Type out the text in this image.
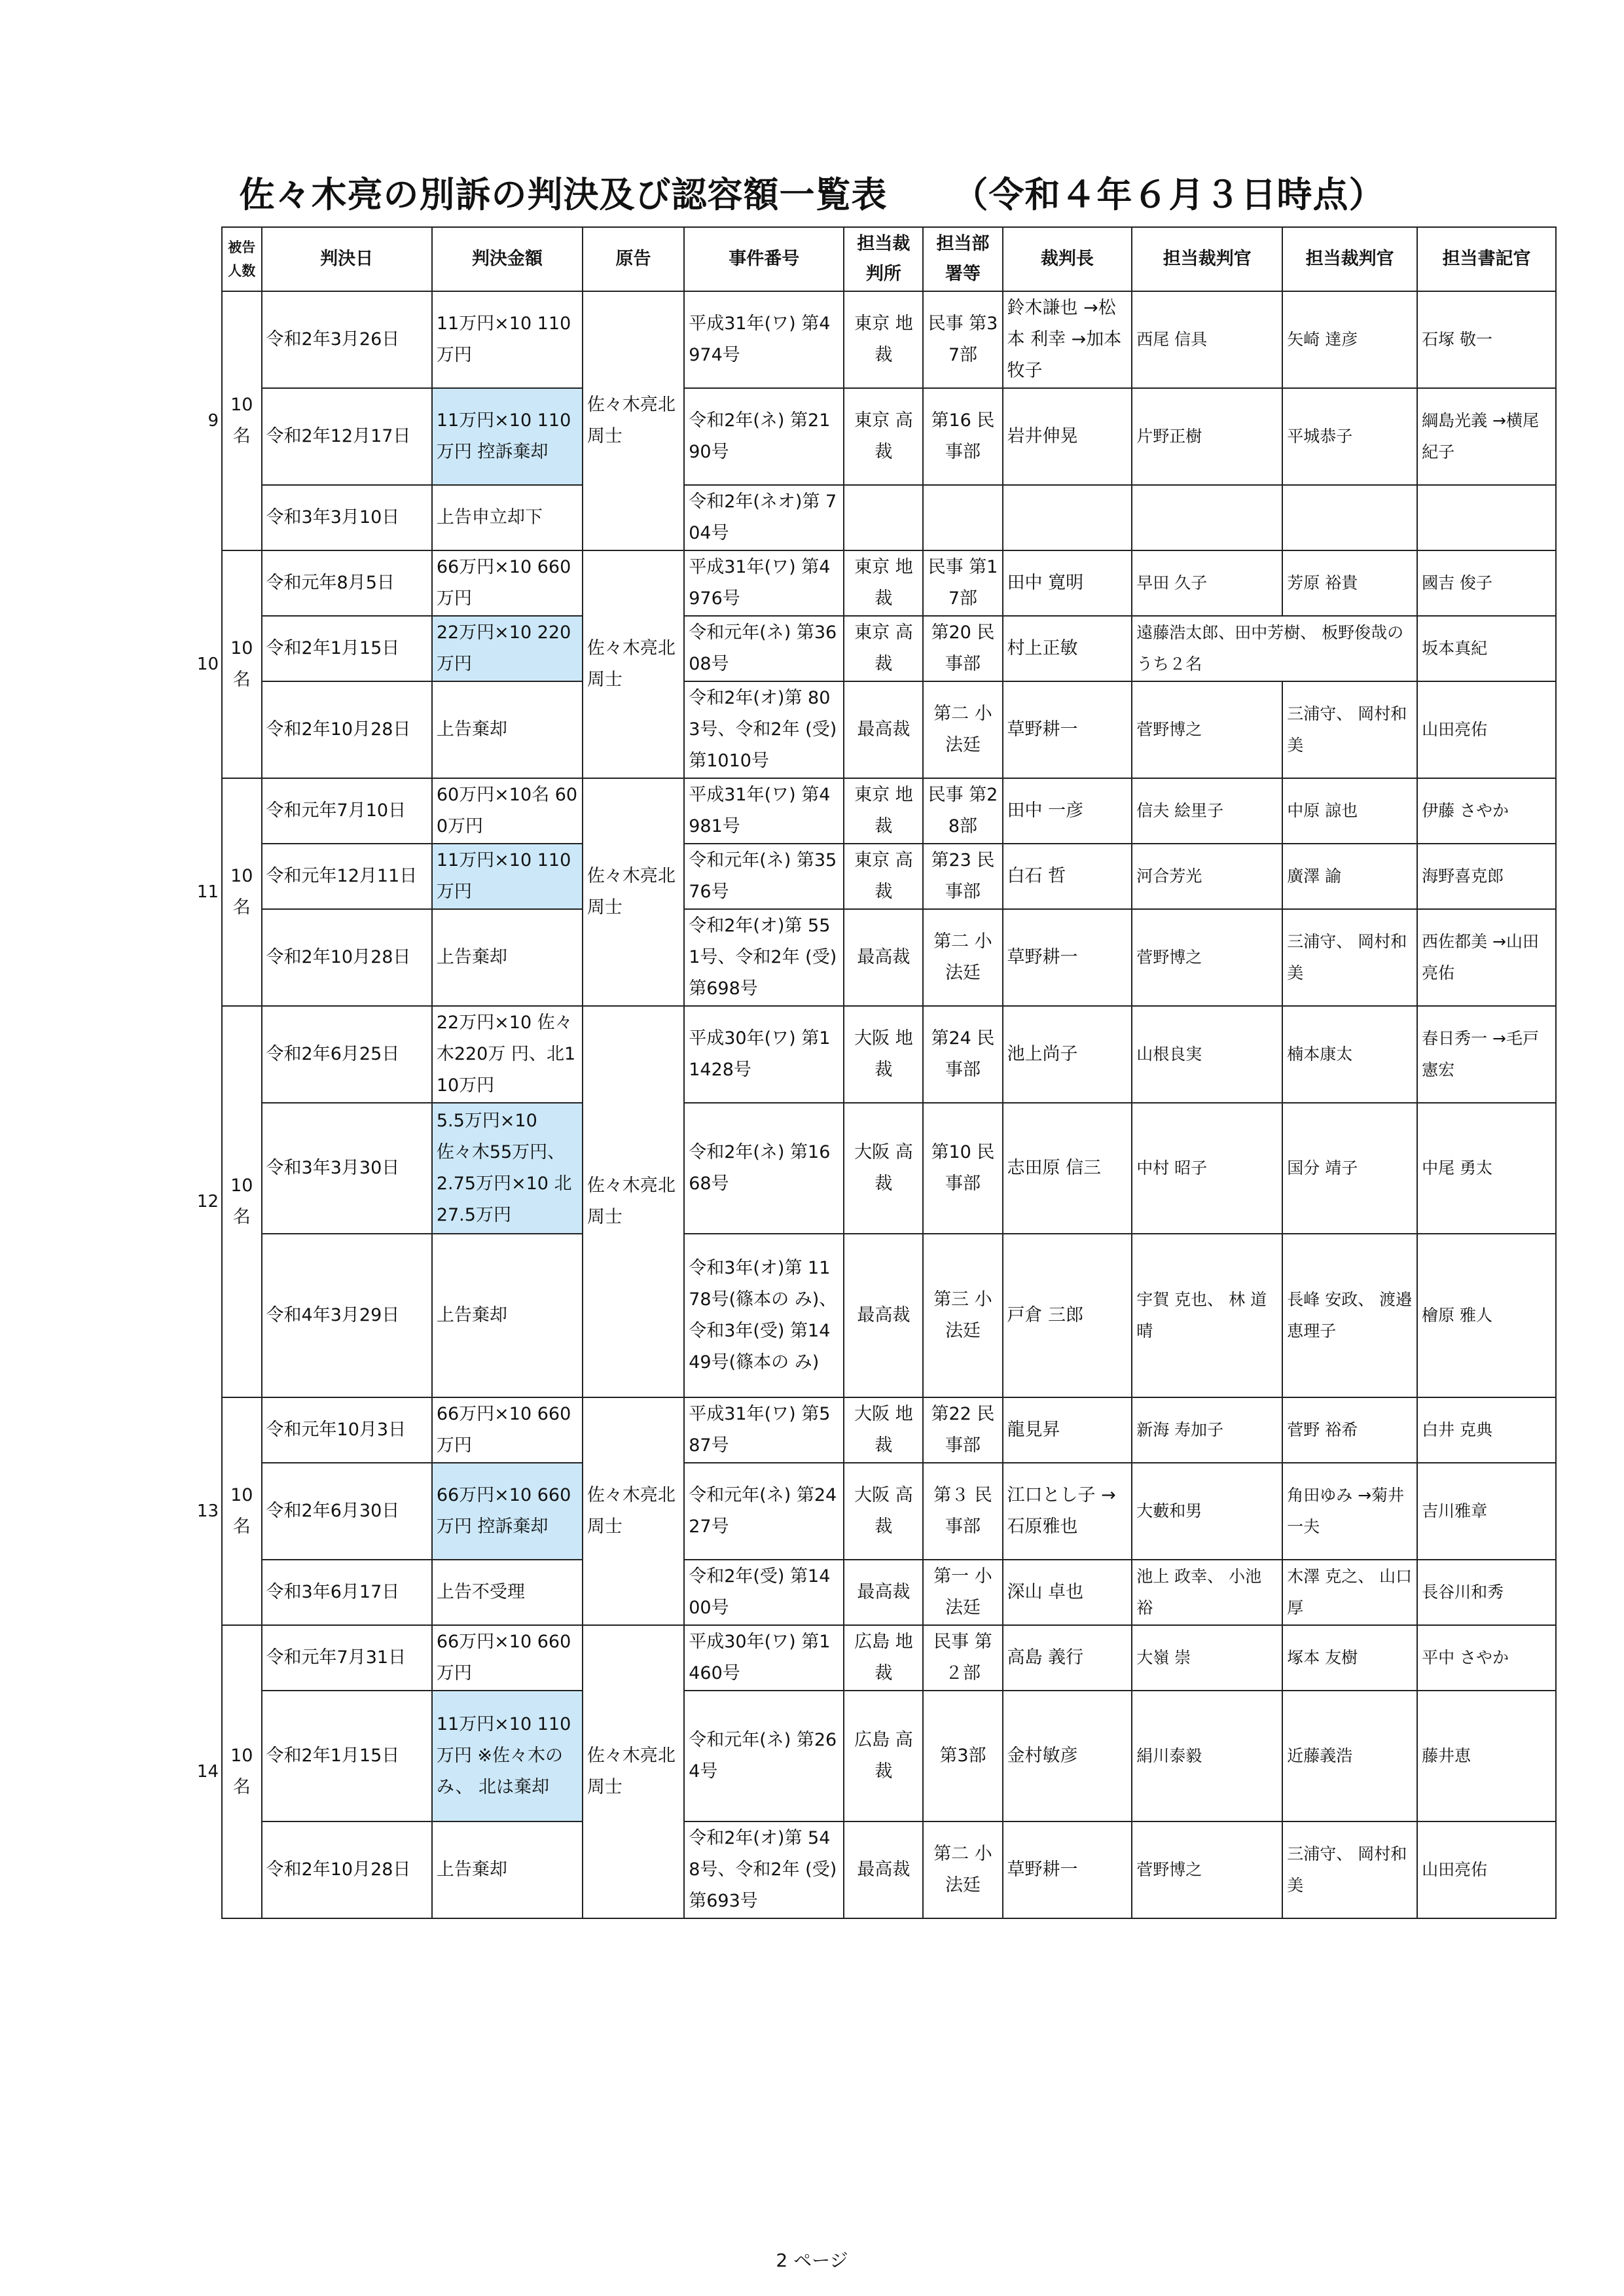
佐々木亮の別訴の判決及び認容額一覧表 （令和４年６月３日時点）
被告人数	判決日	判決金額	原告	事件番号	担当裁判所	担当部署等	裁判長	担当裁判官	担当裁判官	担当書記官
10名	令和2年3月26日	11万円×10 110万円	佐々木亮北周士	平成31年(ワ) 第4974号	東京 地裁	民事 第37部	鈴木謙也 →松本 利幸 →加本牧子	西尾 信具	矢崎 達彦	石塚 敬一
	令和2年12月17日	11万円×10 110万円 控訴棄却		令和2年(ネ) 第2190号	東京 高裁	第16 民事部	岩井伸晃	片野正樹	平城恭子	綱島光義 →横尾紀子
	令和3年3月10日	上告申立却下		令和2年(ネオ)第 704号						
10名	令和元年8月5日	66万円×10 660万円	佐々木亮北周士	平成31年(ワ) 第4976号	東京 地裁	民事 第17部	田中 寛明	早田 久子	芳原 裕貴	國吉 俊子
	令和2年1月15日	22万円×10 220万円		令和元年(ネ) 第3608号	東京 高裁	第20 民事部	村上正敏	遠藤浩太郎、田中芳樹、 板野俊哉のうち２名		坂本真紀
	令和2年10月28日	上告棄却		令和2年(オ)第 803号、令和2年 (受)第1010号	最高裁	第二 小法廷	草野耕一	菅野博之	三浦守、 岡村和美	山田亮佑
10名	令和元年7月10日	60万円×10名 600万円	佐々木亮北周士	平成31年(ワ) 第4981号	東京 地裁	民事 第28部	田中 一彦	信夫 絵里子	中原 諒也	伊藤 さやか
	令和元年12月11日	11万円×10 110万円		令和元年(ネ) 第3576号	東京 高裁	第23 民事部	白石 哲	河合芳光	廣澤 諭	海野喜克郎
	令和2年10月28日	上告棄却		令和2年(オ)第 551号、令和2年 (受)第698号	最高裁	第二 小法廷	草野耕一	菅野博之	三浦守、 岡村和美	西佐都美 →山田亮佑
10名	令和2年6月25日	22万円×10 佐々木220万 円、北110万円	佐々木亮北周士	平成30年(ワ) 第11428号	大阪 地裁	第24 民事部	池上尚子	山根良実	楠本康太	春日秀一 →毛戸憲宏
	令和3年3月30日	5.5万円×10 佐々木55万円、 2.75万円×10 北 27.5万円		令和2年(ネ) 第1668号	大阪 高裁	第10 民事部	志田原 信三	中村 昭子	国分 靖子	中尾 勇太
	令和4年3月29日	上告棄却		令和3年(オ)第 1178号(篠本の み)、令和3年(受) 第1449号(篠本の み)	最高裁	第三 小法廷	戸倉 三郎	宇賀 克也、 林 道晴	長峰 安政、 渡邉 恵理子	檜原 雅人
10名	令和元年10月3日	66万円×10 660万円	佐々木亮北周士	平成31年(ワ) 第587号	大阪 地裁	第22 民事部	龍見昇	新海 寿加子	菅野 裕希	白井 克典
	令和2年6月30日	66万円×10 660万円 控訴棄却		令和元年(ネ) 第2427号	大阪 高裁	第３ 民事部	江口とし子 →石原雅也	大藪和男	角田ゆみ →菊井一夫	吉川雅章
	令和3年6月17日	上告不受理		令和2年(受) 第1400号	最高裁	第一 小法廷	深山 卓也	池上 政幸、 小池 裕	木澤 克之、 山口 厚	長谷川和秀
10名	令和元年7月31日	66万円×10 660万円	佐々木亮北周士	平成30年(ワ) 第1460号	広島 地裁	民事 第２部	高島 義行	大嶺 崇	塚本 友樹	平中 さやか
	令和2年1月15日	11万円×10 110万円 ※佐々木のみ、 北は棄却		令和元年(ネ) 第264号	広島 高裁	第3部	金村敏彦	絹川泰毅	近藤義浩	藤井恵
	令和2年10月28日	上告棄却		令和2年(オ)第 548号、令和2年 (受)第693号	最高裁	第二 小法廷	草野耕一	菅野博之	三浦守、 岡村和美	山田亮佑
9
10
11
12
13
14
2 ページ
